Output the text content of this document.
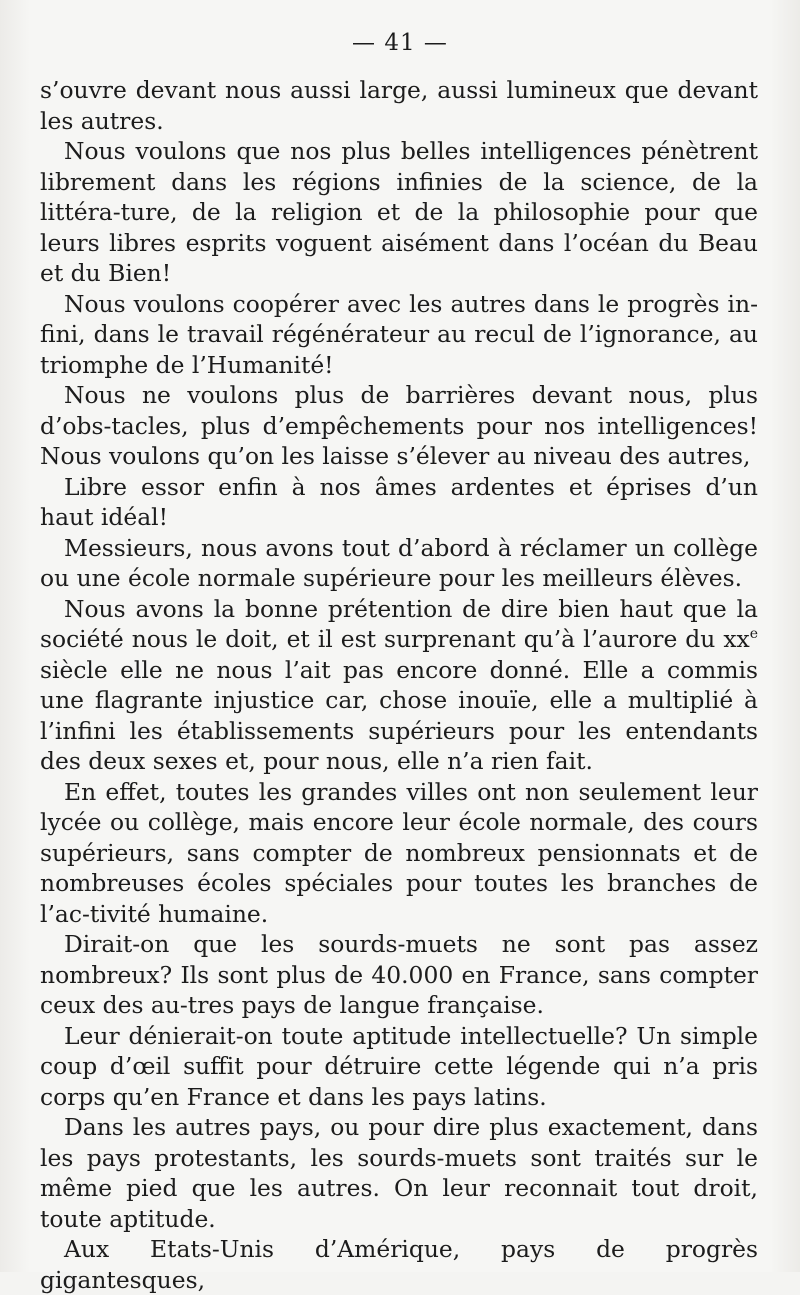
— 41 —

s’ouvre devant nous aussi large, aussi lumineux que devant les autres.

Nous voulons que nos plus belles intelligences pénètrent librement dans les régions infinies de la science, de la littéra-ture, de la religion et de la philosophie pour que leurs libres esprits voguent aisément dans l’océan du Beau et du Bien!

Nous voulons coopérer avec les autres dans le progrès in-fini, dans le travail régénérateur au recul de l’ignorance, au triomphe de l’Humanité!

Nous ne voulons plus de barrières devant nous, plus d’obs-tacles, plus d’empêchements pour nos intelligences! Nous voulons qu’on les laisse s’élever au niveau des autres,

Libre essor enfin à nos âmes ardentes et éprises d’un haut idéal!

Messieurs, nous avons tout d’abord à réclamer un collège ou une école normale supérieure pour les meilleurs élèves.

Nous avons la bonne prétention de dire bien haut que la société nous le doit, et il est surprenant qu’à l’aurore du $xx^e$ siècle elle ne nous l’ait pas encore donné. Elle a commis une flagrante injustice car, chose inouïe, elle a multiplié à l’infini les établissements supérieurs pour les entendants des deux sexes et, pour nous, elle n’a rien fait.

En effet, toutes les grandes villes ont non seulement leur lycée ou collège, mais encore leur école normale, des cours supérieurs, sans compter de nombreux pensionnats et de nombreuses écoles spéciales pour toutes les branches de l’ac-tivité humaine.

Dirait-on que les sourds-muets ne sont pas assez nombreux? Ils sont plus de 40.000 en France, sans compter ceux des au-tres pays de langue française.

Leur dénierait-on toute aptitude intellectuelle? Un simple coup d’œil suffit pour détruire cette légende qui n’a pris corps qu’en France et dans les pays latins.

Dans les autres pays, ou pour dire plus exactement, dans les pays protestants, les sourds-muets sont traités sur le même pied que les autres. On leur reconnait tout droit, toute aptitude.

Aux Etats-Unis d’Amérique, pays de progrès gigantesques,
